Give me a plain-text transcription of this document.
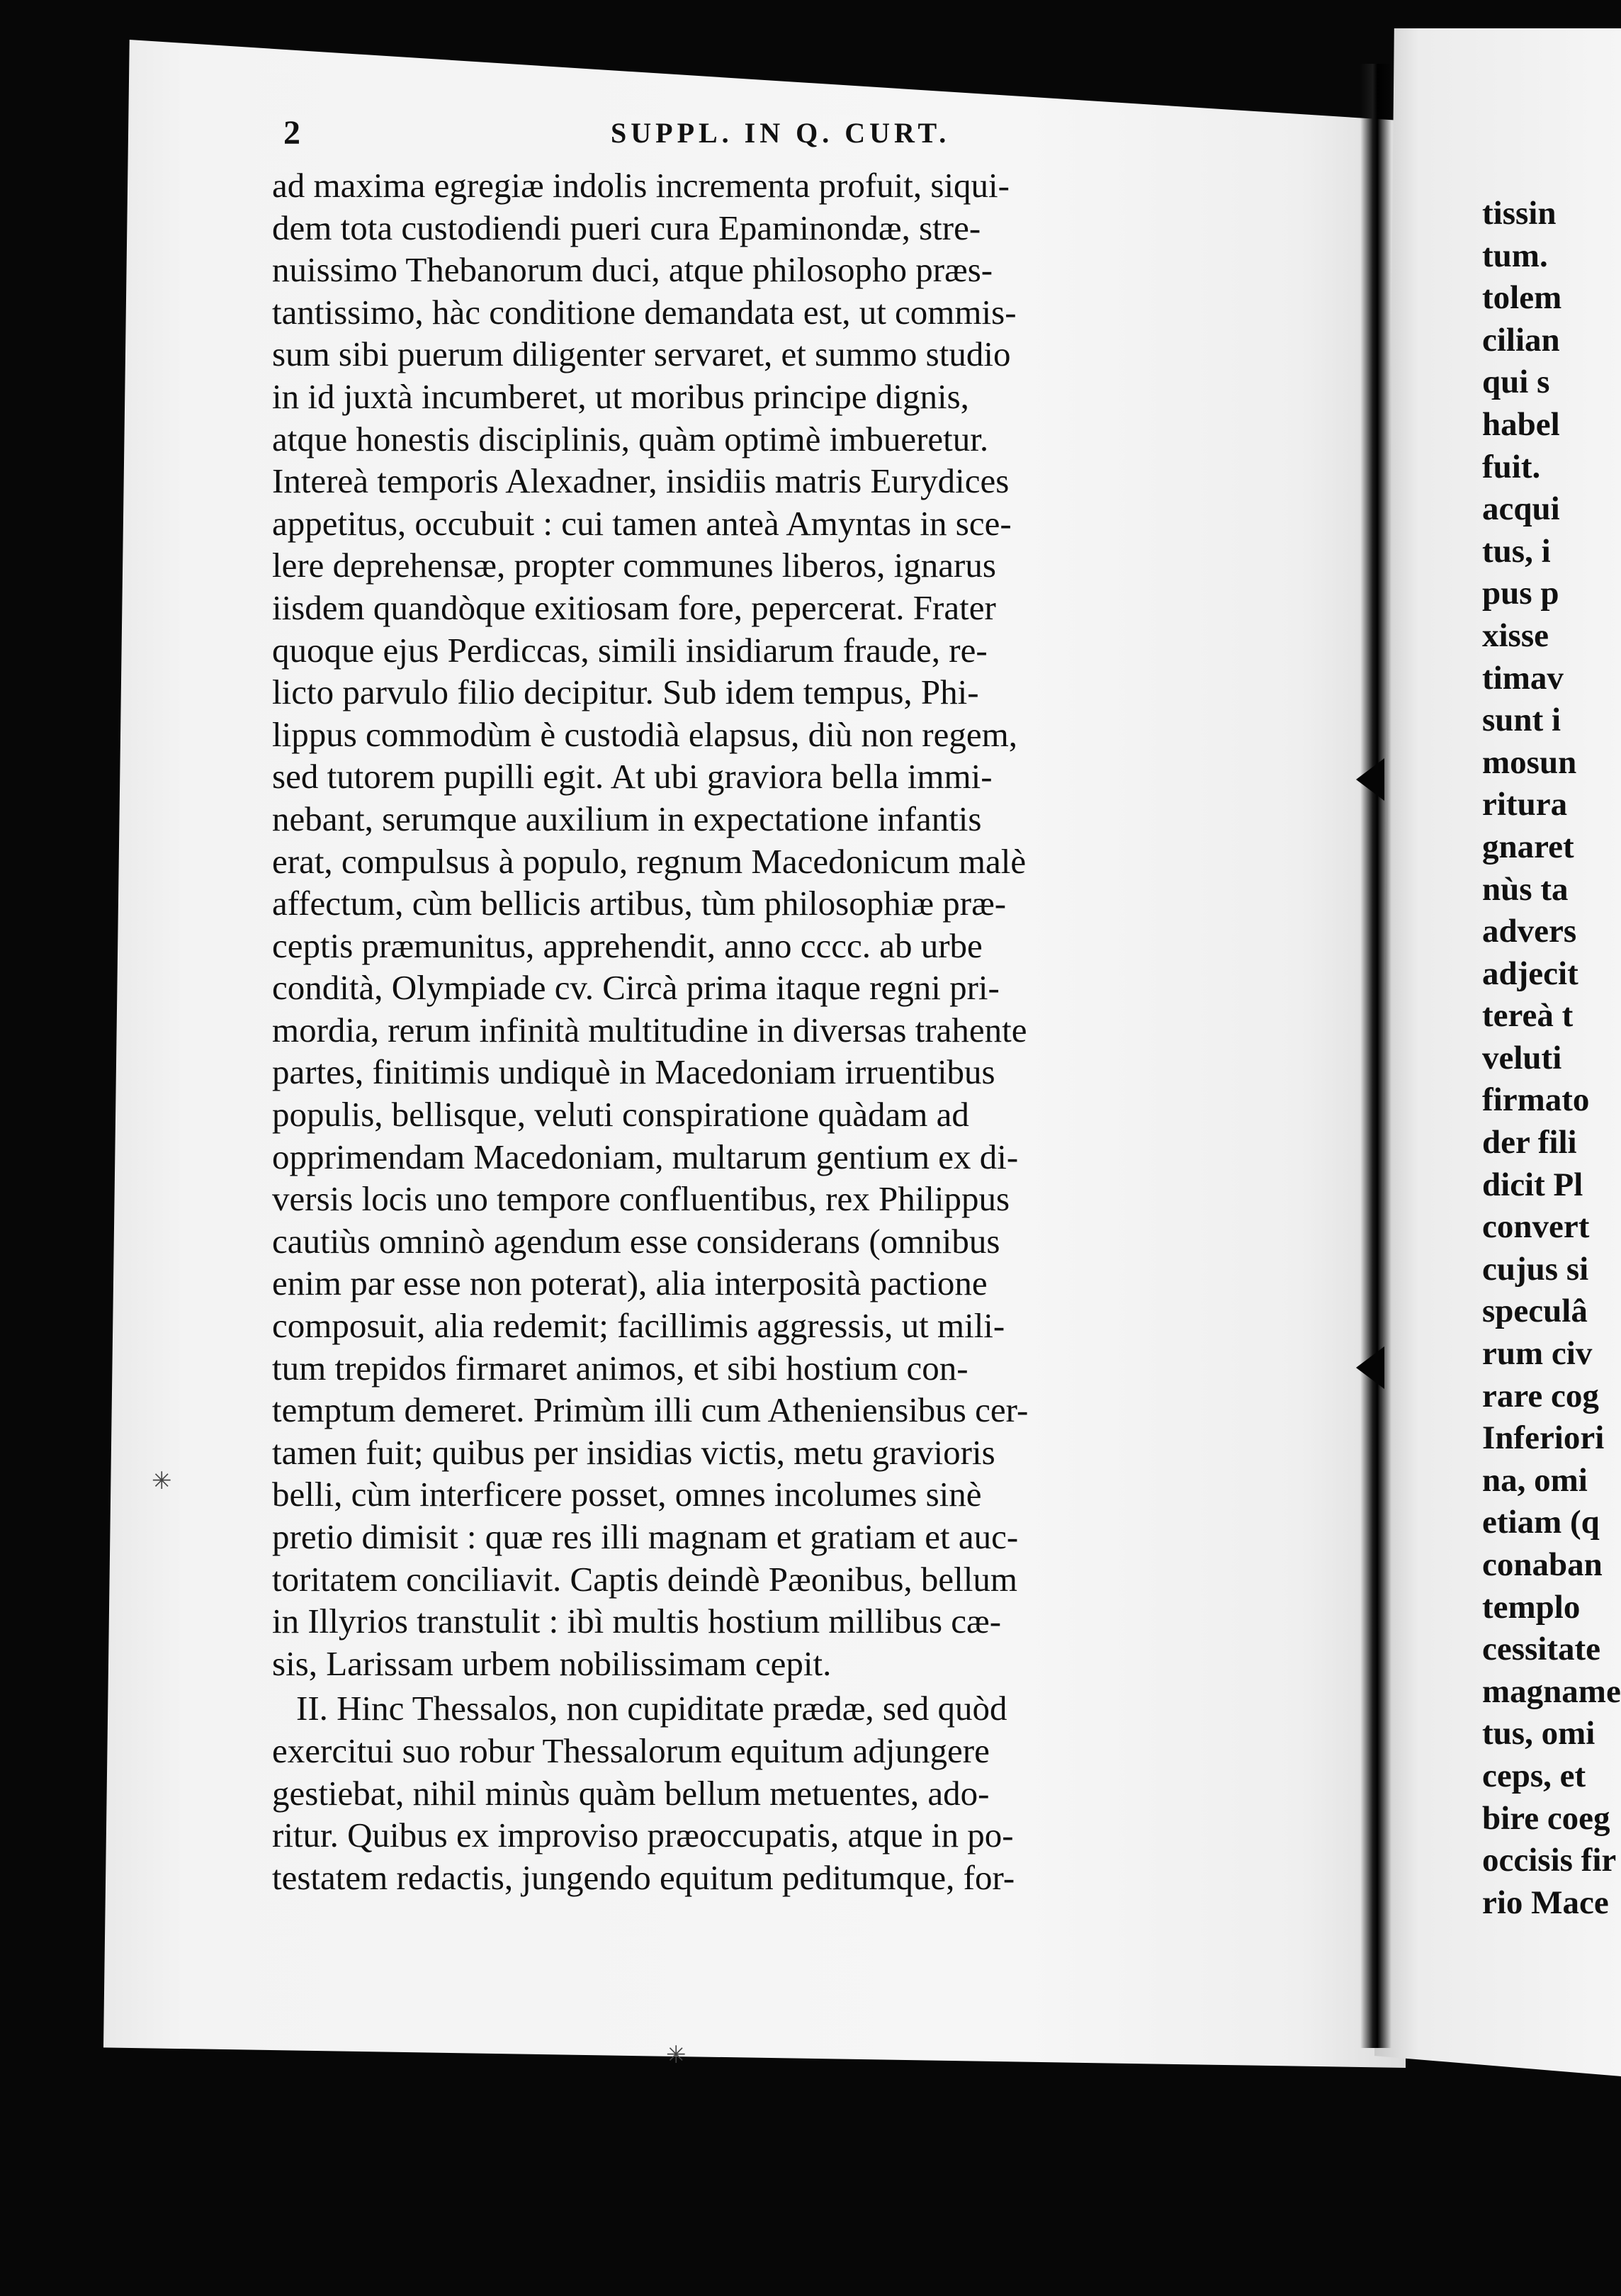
2	SUPPL. IN Q. CURT.
ad maxima egregiæ indolis incrementa profuit, siqui-
dem tota custodiendi pueri cura Epaminondæ, stre-
nuissimo Thebanorum duci, atque philosopho præs-
tantissimo, hàc conditione demandata est, ut commis-
sum sibi puerum diligenter servaret, et summo studio
in id juxtà incumberet, ut moribus principe dignis,
atque honestis disciplinis, quàm optimè imbueretur.
Intereà temporis Alexadner, insidiis matris Eurydices
appetitus, occubuit : cui tamen anteà Amyntas in sce-
lere deprehensæ, propter communes liberos, ignarus
iisdem quandòque exitiosam fore, pepercerat. Frater
quoque ejus Perdiccas, simili insidiarum fraude, re-
licto parvulo filio decipitur. Sub idem tempus, Phi-
lippus commodùm è custodià elapsus, diù non regem,
sed tutorem pupilli egit. At ubi graviora bella immi-
nebant, serumque auxilium in expectatione infantis
erat, compulsus à populo, regnum Macedonicum malè
affectum, cùm bellicis artibus, tùm philosophiæ præ-
ceptis præmunitus, apprehendit, anno cccc. ab urbe
condità, Olympiade cv. Circà prima itaque regni pri-
mordia, rerum infinità multitudine in diversas trahente
partes, finitimis undiquè in Macedoniam irruentibus
populis, bellisque, veluti conspiratione quàdam ad
opprimendam Macedoniam, multarum gentium ex di-
versis locis uno tempore confluentibus, rex Philippus
cautiùs omninò agendum esse considerans (omnibus
enim par esse non poterat), alia interposità pactione
composuit, alia redemit; facillimis aggressis, ut mili-
tum trepidos firmaret animos, et sibi hostium con-
temptum demeret. Primùm illi cum Atheniensibus cer-
tamen fuit; quibus per insidias victis, metu gravioris
belli, cùm interficere posset, omnes incolumes sinè
pretio dimisit : quæ res illi magnam et gratiam et auc-
toritatem conciliavit. Captis deindè Pæonibus, bellum
in Illyrios transtulit : ibì multis hostium millibus cæ-
sis, Larissam urbem nobilissimam cepit.
II. Hinc Thessalos, non cupiditate prædæ, sed quòd
exercitui suo robur Thessalorum equitum adjungere
gestiebat, nihil minùs quàm bellum metuentes, ado-
ritur. Quibus ex improviso præoccupatis, atque in po-
testatem redactis, jungendo equitum peditumque, for-
tissin
tum.
tolem
cilian
qui s
habel
fuit.
acqui
tus, i
pus p
xisse
timav
sunt i
mosun
ritura
gnaret
nùs ta
advers
adjecit
tereà t
veluti
firmato
der fili
dicit Pl
convert
cujus si
speculâ
rum civ
rare cog
Inferiori
na, omi
etiam (q
conaban
templo
cessitate
magname
tus, omi
ceps, et
bire coeg
occisis fir
rio Mace
✳
✳
